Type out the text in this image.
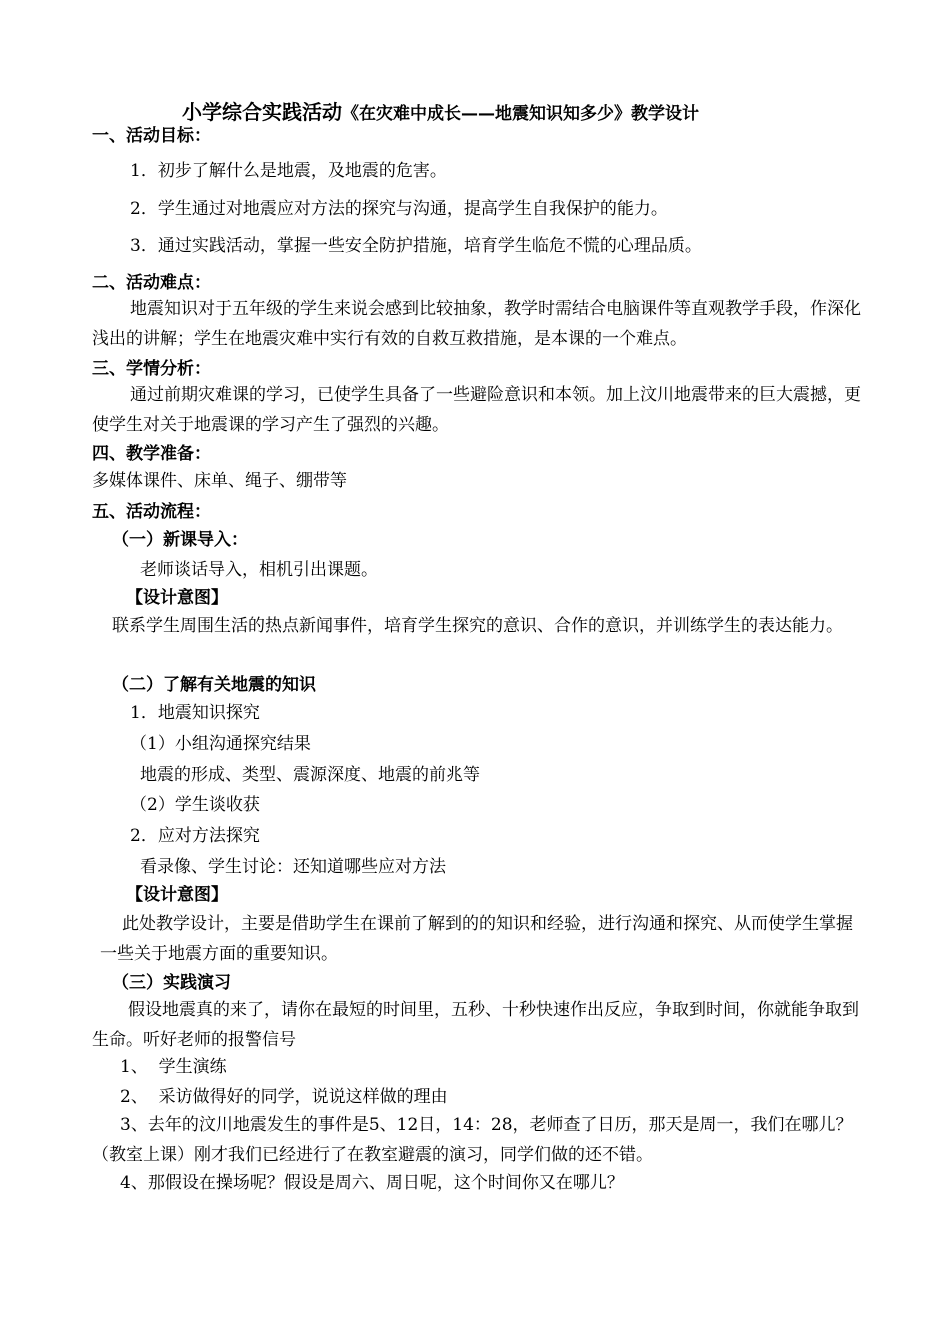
小学综合实践活动《在灾难中成长——地震知识知多少》教学设计
一、活动目标：
1．初步了解什么是地震，及地震的危害。
2．学生通过对地震应对方法的探究与沟通，提高学生自我保护的能力。
3．通过实践活动，掌握一些安全防护措施，培育学生临危不慌的心理品质。
二、活动难点：
地震知识对于五年级的学生来说会感到比较抽象，教学时需结合电脑课件等直观教学手段，作深化浅出的讲解；学生在地震灾难中实行有效的自救互救措施，是本课的一个难点。
三、学情分析：
通过前期灾难课的学习，已使学生具备了一些避险意识和本领。加上汶川地震带来的巨大震撼，更使学生对关于地震课的学习产生了强烈的兴趣。
四、教学准备：
多媒体课件、床单、绳子、绷带等
五、活动流程：
（一）新课导入：
老师谈话导入，相机引出课题。
【设计意图】
联系学生周围生活的热点新闻事件，培育学生探究的意识、合作的意识，并训练学生的表达能力。
（二）了解有关地震的知识
1．地震知识探究
（1）小组沟通探究结果
地震的形成、类型、震源深度、地震的前兆等
（2）学生谈收获
2．应对方法探究
看录像、学生讨论：还知道哪些应对方法
【设计意图】
此处教学设计，主要是借助学生在课前了解到的的知识和经验，进行沟通和探究、从而使学生掌握一些关于地震方面的重要知识。
（三）实践演习
假设地震真的来了，请你在最短的时间里，五秒、十秒快速作出反应，争取到时间，你就能争取到生命。听好老师的报警信号
1、  学生演练
2、  采访做得好的同学，说说这样做的理由
3、去年的汶川地震发生的事件是5、12日，14：28，老师查了日历，那天是周一，我们在哪儿？（教室上课）刚才我们已经进行了在教室避震的演习，同学们做的还不错。
4、那假设在操场呢？假设是周六、周日呢，这个时间你又在哪儿？
